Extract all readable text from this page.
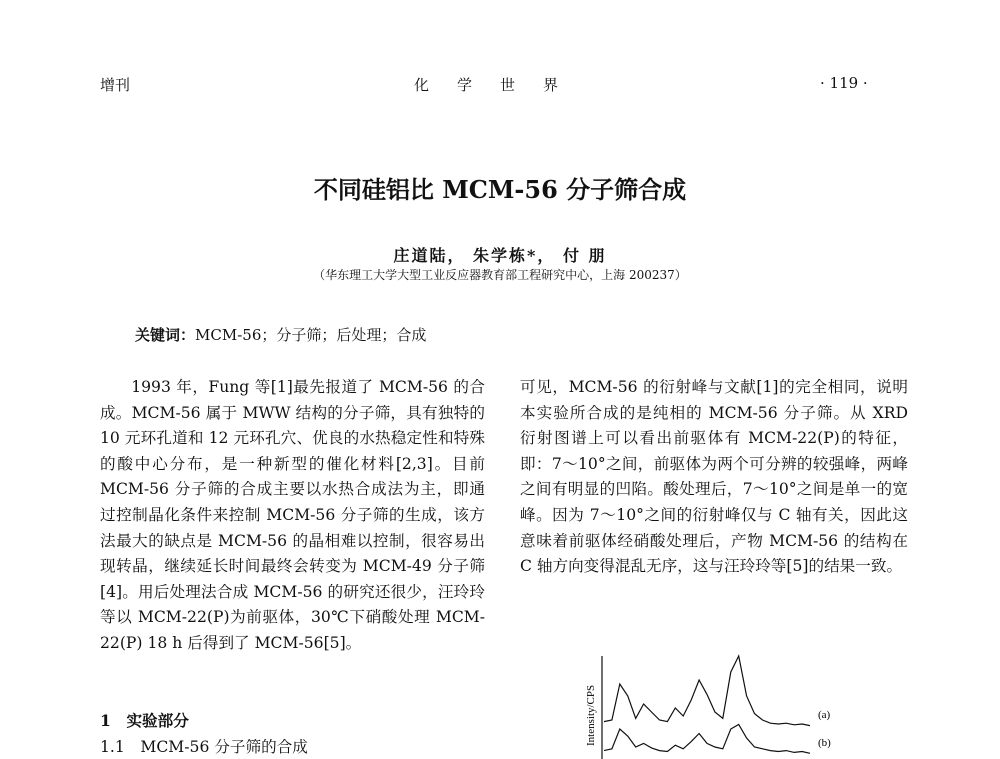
增刊	化学世界	· 119 ·
不同硅铝比 MCM-56 分子筛合成
庄道陆， 朱学栋*， 付 朋
（华东理工大学大型工业反应器教育部工程研究中心，上海 200237）
关键词：MCM-56；分子筛；后处理；合成

1993 年，Fung 等[1]最先报道了 MCM-56 的合成。MCM-56 属于 MWW 结构的分子筛，具有独特的 10 元环孔道和 12 元环孔穴、优良的水热稳定性和特殊的酸中心分布，是一种新型的催化材料[2,3]。目前 MCM-56 分子筛的合成主要以水热合成法为主，即通过控制晶化条件来控制 MCM-56 分子筛的生成，该方法最大的缺点是 MCM-56 的晶相难以控制，很容易出现转晶，继续延长时间最终会转变为 MCM-49 分子筛[4]。用后处理法合成 MCM-56 的研究还很少，汪玲玲等以 MCM-22(P)为前驱体，30℃下硝酸处理 MCM-22(P) 18 h 后得到了 MCM-56[5]。

1　实验部分
1.1　MCM-56 分子筛的合成

可见，MCM-56 的衍射峰与文献[1]的完全相同，说明本实验所合成的是纯相的 MCM-56 分子筛。从 XRD 衍射图谱上可以看出前驱体有 MCM-22(P)的特征，即：7～10°之间，前驱体为两个可分辨的较强峰，两峰之间有明显的凹陷。酸处理后，7～10°之间是单一的宽峰。因为 7～10°之间的衍射峰仅与 C 轴有关，因此这意味着前驱体经硝酸处理后，产物 MCM-56 的结构在 C 轴方向变得混乱无序，这与汪玲玲等[5]的结果一致。

Intensity/CPS	(a)
(b)
